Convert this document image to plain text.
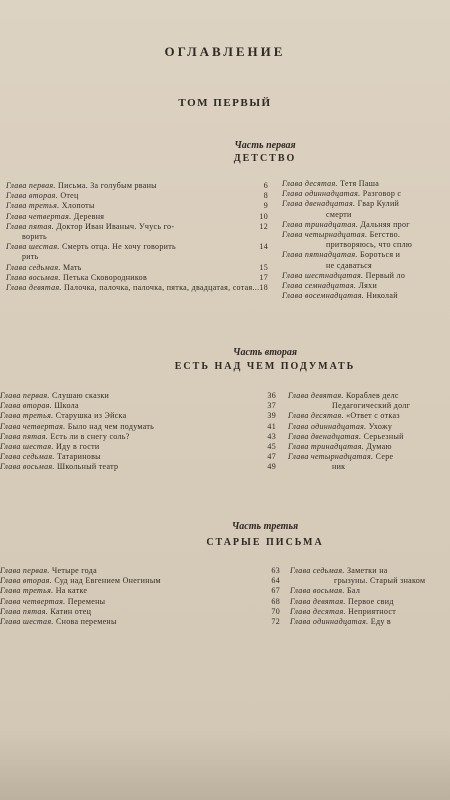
ОГЛАВЛЕНИЕ
ТОМ ПЕРВЫЙ
Часть первая
ДЕТСТВО
Глава первая. Письма. За голубым рваны	6
Глава вторая. Отец	8
Глава третья. Хлопоты	9
Глава четвертая. Деревня	10
Глава пятая. Доктор Иван Иваныч. Учусь го-	12
ворить
Глава шестая. Смерть отца. Не хочу говорить	14
рить
Глава седьмая. Мать	15
Глава восьмая. Петька Сковородников	17
Глава девятая. Палочка, палочка, палочка, пятка, двадцатая, сотая... 18
Глава десятая. Тетя Паша
Глава одиннадцатая. Разговор с
Глава двенадцатая. Гвар Кулий
смерти
Глава тринадцатая. Дальняя прог
Глава четырнадцатая. Бегство.
притворяюсь, что сплю
Глава пятнадцатая. Бороться и
не сдаваться
Глава шестнадцатая. Первый ло
Глава семнадцатая. Ляхи
Глава восемнадцатая. Николай
Часть вторая
ЕСТЬ НАД ЧЕМ ПОДУМАТЬ
Глава первая. Слушаю сказки	36
Глава вторая. Школа	37
Глава третья. Старушка из Эйска	39
Глава четвертая. Было над чем подумать	41
Глава пятая. Есть ли в снегу соль?	43
Глава шестая. Иду в гости	45
Глава седьмая. Татариновы	47
Глава восьмая. Школьный театр	49
Глава девятая. Кораблев делс
Педагогический долг
Глава десятая. «Ответ с отказ
Глава одиннадцатая. Ухожу
Глава двенадцатая. Серьезный
Глава тринадцатая. Думаю
Глава четырнадцатая. Сере
ник
Часть третья
СТАРЫЕ ПИСЬМА
Глава первая. Четыре года	63
Глава вторая. Суд над Евгением Онегиным	64
Глава третья. На катке	67
Глава четвертая. Перемены	68
Глава пятая. Катин отец	70
Глава шестая. Снова перемены	72
Глава седьмая. Заметки на
грызуны. Старый знаком
Глава восьмая. Бал
Глава девятая. Первое свид
Глава десятая. Неприятност
Глава одиннадцатая. Еду в
